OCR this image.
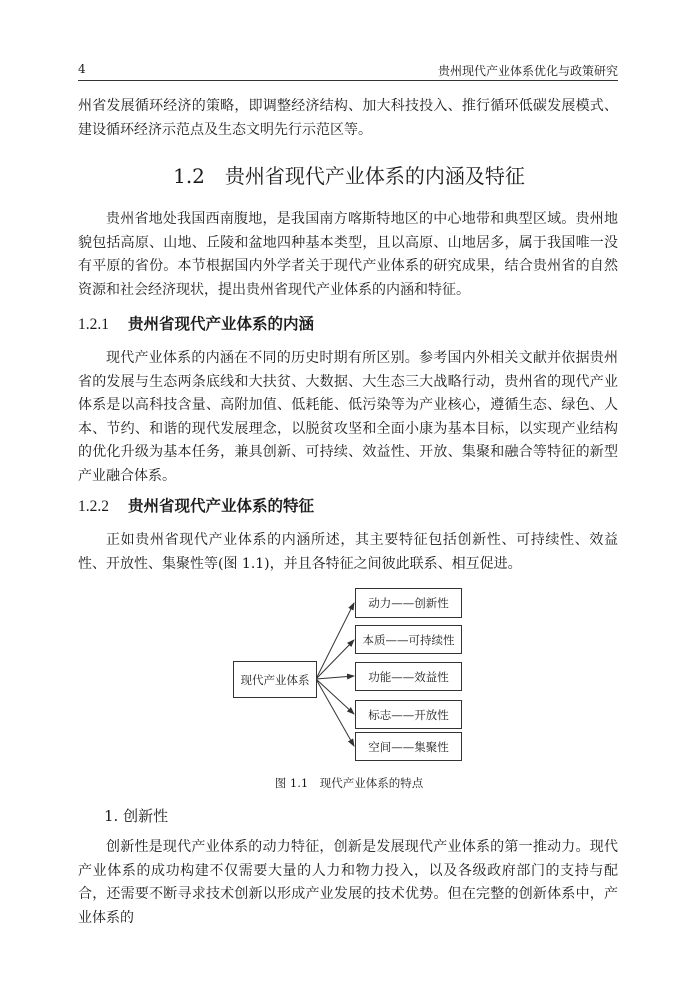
4	贵州现代产业体系优化与政策研究
州省发展循环经济的策略，即调整经济结构、加大科技投入、推行循环低碳发展模式、建设循环经济示范点及生态文明先行示范区等。
1.2  贵州省现代产业体系的内涵及特征
贵州省地处我国西南腹地，是我国南方喀斯特地区的中心地带和典型区域。贵州地貌包括高原、山地、丘陵和盆地四种基本类型，且以高原、山地居多，属于我国唯一没有平原的省份。本节根据国内外学者关于现代产业体系的研究成果，结合贵州省的自然资源和社会经济现状，提出贵州省现代产业体系的内涵和特征。
1.2.1 贵州省现代产业体系的内涵
现代产业体系的内涵在不同的历史时期有所区别。参考国内外相关文献并依据贵州省的发展与生态两条底线和大扶贫、大数据、大生态三大战略行动，贵州省的现代产业体系是以高科技含量、高附加值、低耗能、低污染等为产业核心，遵循生态、绿色、人本、节约、和谐的现代发展理念，以脱贫攻坚和全面小康为基本目标，以实现产业结构的优化升级为基本任务，兼具创新、可持续、效益性、开放、集聚和融合等特征的新型产业融合体系。
1.2.2 贵州省现代产业体系的特征
正如贵州省现代产业体系的内涵所述，其主要特征包括创新性、可持续性、效益性、开放性、集聚性等(图 1.1)，并且各特征之间彼此联系、相互促进。
现代产业体系
动力——创新性
本质——可持续性
功能——效益性
标志——开放性
空间——集聚性
图 1.1　现代产业体系的特点
1. 创新性
创新性是现代产业体系的动力特征，创新是发展现代产业体系的第一推动力。现代产业体系的成功构建不仅需要大量的人力和物力投入，以及各级政府部门的支持与配合，还需要不断寻求技术创新以形成产业发展的技术优势。但在完整的创新体系中，产业体系的
